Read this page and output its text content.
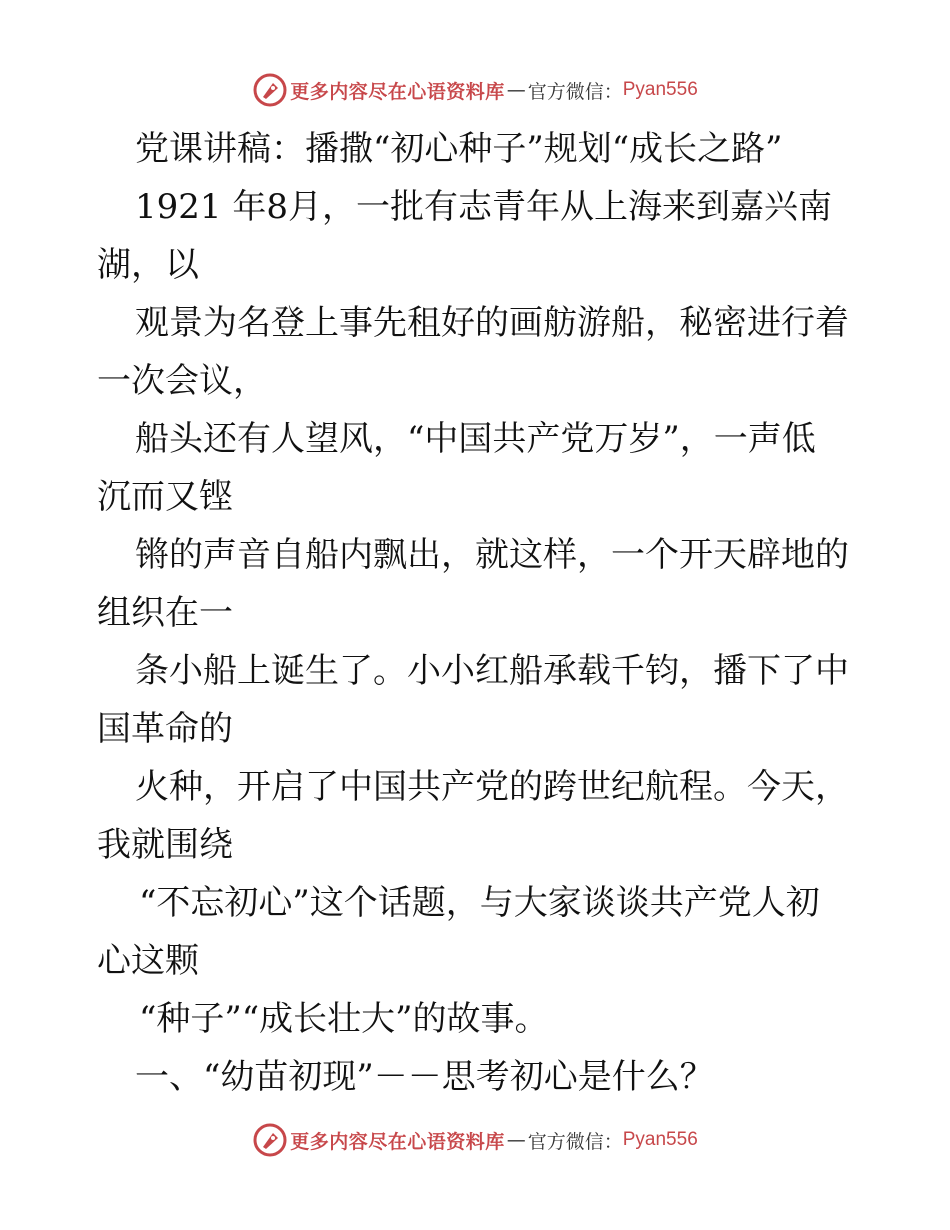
更多内容尽在心语资料库 — 官方微信： Pyan556
党课讲稿：播撒“初心种子”规划“成长之路”
1921 年8月，一批有志青年从上海来到嘉兴南
湖，以
观景为名登上事先租好的画舫游船，秘密进行着
一次会议，
船头还有人望风，“中国共产党万岁”，一声低
沉而又铿
锵的声音自船内飘出，就这样，一个开天辟地的
组织在一
条小船上诞生了。小小红船承载千钧，播下了中
国革命的
火种，开启了中国共产党的跨世纪航程。今天，
我就围绕
“不忘初心”这个话题，与大家谈谈共产党人初
心这颗
“种子”“成长壮大”的故事。
一、“幼苗初现”－－思考初心是什么？
更多内容尽在心语资料库 — 官方微信： Pyan556
